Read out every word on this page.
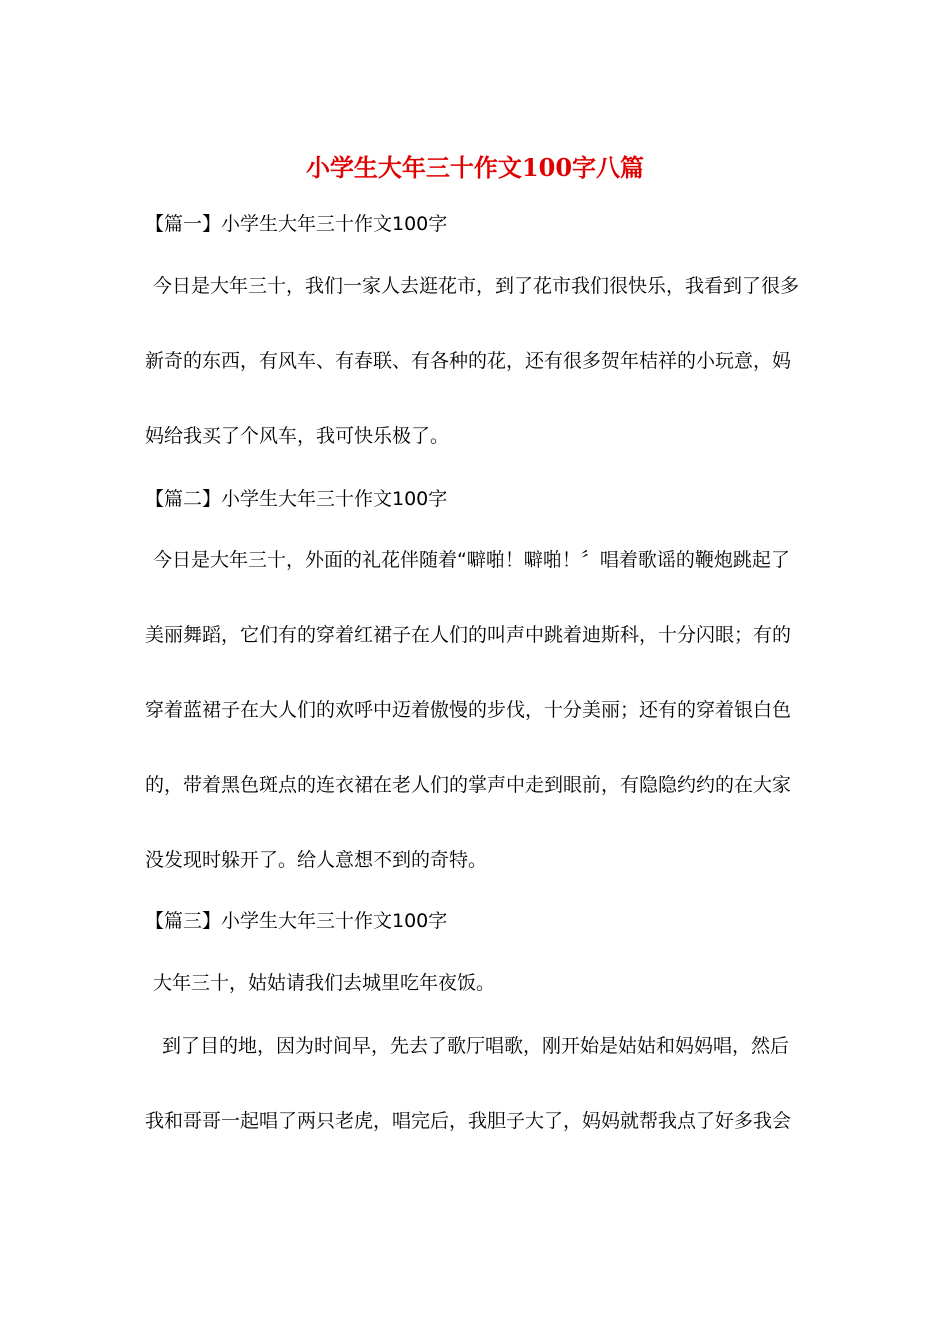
小学生大年三十作文100字八篇
【篇一】小学生大年三十作文100字
今日是大年三十，我们一家人去逛花市，到了花市我们很快乐，我看到了很多
新奇的东西，有风车、有春联、有各种的花，还有很多贺年桔祥的小玩意，妈
妈给我买了个风车，我可快乐极了。
【篇二】小学生大年三十作文100字
今日是大年三十，外面的礼花伴随着“噼啪！噼啪！〞唱着歌谣的鞭炮跳起了
美丽舞蹈，它们有的穿着红裙子在人们的叫声中跳着迪斯科，十分闪眼；有的
穿着蓝裙子在大人们的欢呼中迈着傲慢的步伐，十分美丽；还有的穿着银白色
的，带着黑色斑点的连衣裙在老人们的掌声中走到眼前，有隐隐约约的在大家
没发现时躲开了。给人意想不到的奇特。
【篇三】小学生大年三十作文100字
大年三十，姑姑请我们去城里吃年夜饭。
到了目的地，因为时间早，先去了歌厅唱歌，刚开始是姑姑和妈妈唱，然后
我和哥哥一起唱了两只老虎，唱完后，我胆子大了，妈妈就帮我点了好多我会
